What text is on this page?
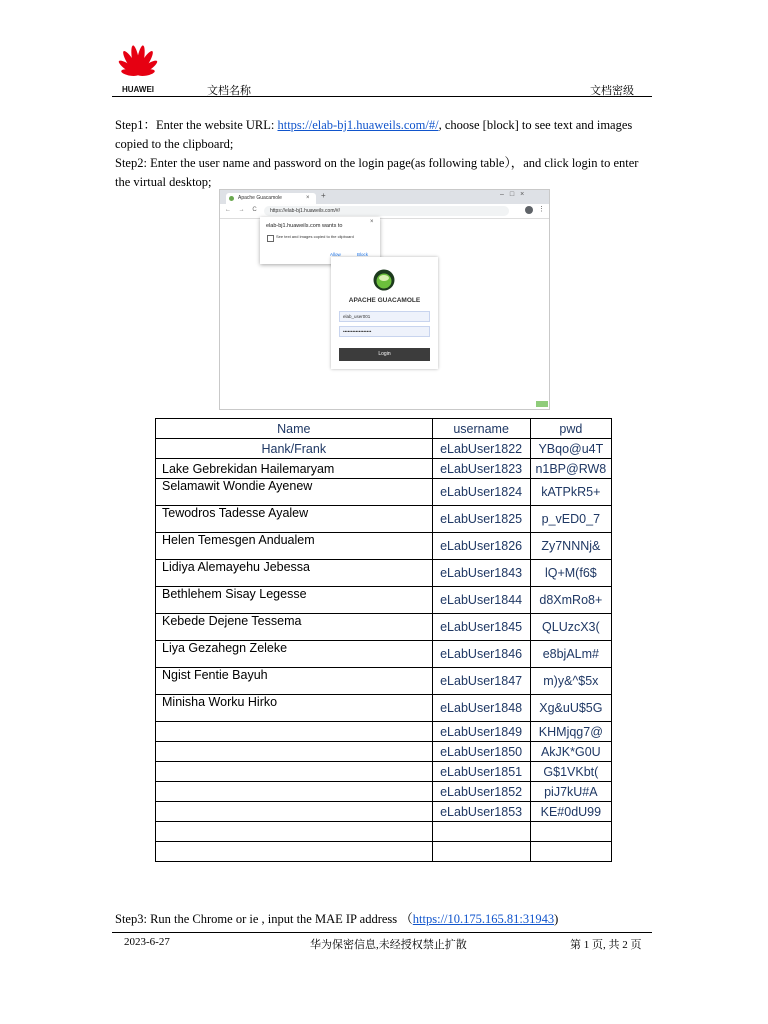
HUAWEI	文档名称	文档密级
Step1：Enter the website URL: https://elab-bj1.huaweils.com/#/, choose [block] to see text and images copied to the clipboard;
Step2: Enter the user name and password on the login page(as following table），and click login to enter the virtual desktop;
Apache Guacamole	× +	–□×
← → C	https://elab-bj1.huaweils.com/#/	⋮
elab-bj1.huaweils.com wants to
×
See text and images copied to the clipboard
Allow	Block
APACHE GUACAMOLE
elab_user001
••••••••••••••••••
Login
Name	username	pwd
Hank/Frank	eLabUser1822	YBqo@u4T
Lake Gebrekidan Hailemaryam	eLabUser1823	n1BP@RW8
Selamawit Wondie Ayenew	eLabUser1824	kATPkR5+
Tewodros Tadesse Ayalew	eLabUser1825	p_vED0_7
Helen Temesgen Andualem	eLabUser1826	Zy7NNNj&
Lidiya Alemayehu Jebessa	eLabUser1843	lQ+M(f6$
Bethlehem Sisay Legesse	eLabUser1844	d8XmRo8+
Kebede Dejene Tessema	eLabUser1845	QLUzcX3(
Liya Gezahegn Zeleke	eLabUser1846	e8bjALm#
Ngist Fentie Bayuh	eLabUser1847	m)y&^$5x
Minisha Worku Hirko	eLabUser1848	Xg&uU$5G
	eLabUser1849	KHMjqg7@
	eLabUser1850	AkJK*G0U
	eLabUser1851	G$1VKbt(
	eLabUser1852	piJ7kU#A
	eLabUser1853	KE#0dU99

Step3: Run the Chrome or ie , input the MAE IP address （https://10.175.165.81:31943)
2023-6-27	华为保密信息,未经授权禁止扩散	第 1 页, 共 2 页
